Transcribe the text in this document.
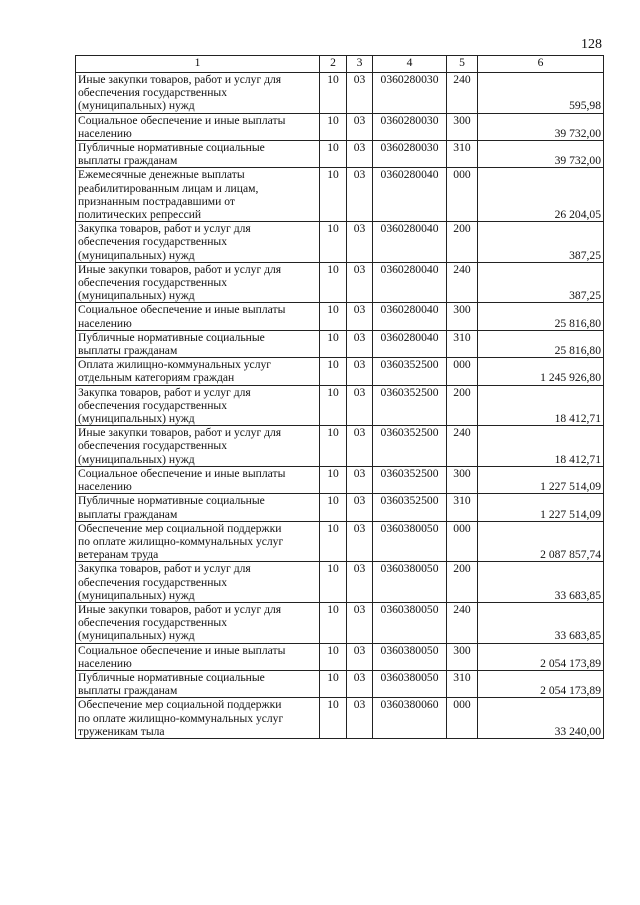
128
1	2	3	4	5	6

Иные закупки товаров, работ и услуг для
обеспечения государственных
(муниципальных) нужд	10	03	0360280030	240	595,98

Социальное обеспечение и иные выплаты
населению	10	03	0360280030	300	39 732,00

Публичные нормативные социальные
выплаты гражданам	10	03	0360280030	310	39 732,00

Ежемесячные денежные выплаты
реабилитированным лицам и лицам,
признанным пострадавшими от
политических репрессий	10	03	0360280040	000	26 204,05

Закупка товаров, работ и услуг для
обеспечения государственных
(муниципальных) нужд	10	03	0360280040	200	387,25

Иные закупки товаров, работ и услуг для
обеспечения государственных
(муниципальных) нужд	10	03	0360280040	240	387,25

Социальное обеспечение и иные выплаты
населению	10	03	0360280040	300	25 816,80

Публичные нормативные социальные
выплаты гражданам	10	03	0360280040	310	25 816,80

Оплата жилищно-коммунальных услуг
отдельным категориям граждан	10	03	0360352500	000	1 245 926,80

Закупка товаров, работ и услуг для
обеспечения государственных
(муниципальных) нужд	10	03	0360352500	200	18 412,71

Иные закупки товаров, работ и услуг для
обеспечения государственных
(муниципальных) нужд	10	03	0360352500	240	18 412,71

Социальное обеспечение и иные выплаты
населению	10	03	0360352500	300	1 227 514,09

Публичные нормативные социальные
выплаты гражданам	10	03	0360352500	310	1 227 514,09

Обеспечение мер социальной поддержки
по оплате жилищно-коммунальных услуг
ветеранам труда	10	03	0360380050	000	2 087 857,74

Закупка товаров, работ и услуг для
обеспечения государственных
(муниципальных) нужд	10	03	0360380050	200	33 683,85

Иные закупки товаров, работ и услуг для
обеспечения государственных
(муниципальных) нужд	10	03	0360380050	240	33 683,85

Социальное обеспечение и иные выплаты
населению	10	03	0360380050	300	2 054 173,89

Публичные нормативные социальные
выплаты гражданам	10	03	0360380050	310	2 054 173,89

Обеспечение мер социальной поддержки
по оплате жилищно-коммунальных услуг
труженикам тыла	10	03	0360380060	000	33 240,00
